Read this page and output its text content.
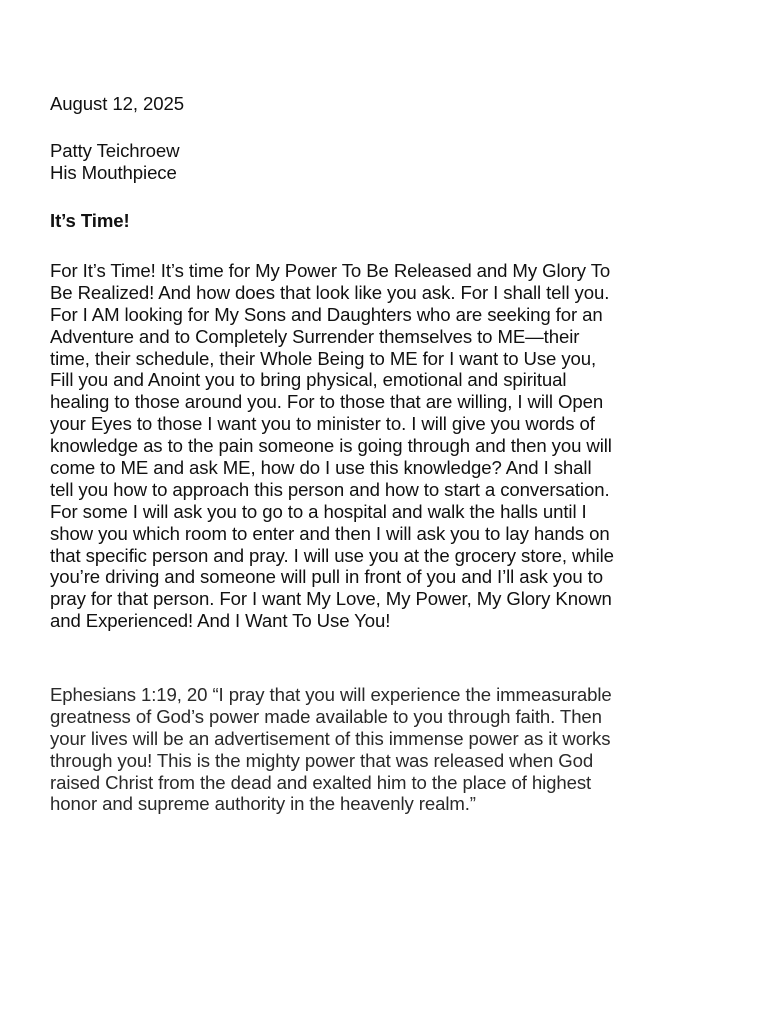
August 12, 2025
Patty Teichroew
His Mouthpiece
It’s Time!
For It’s Time! It’s time for My Power To Be Released and My Glory To
Be Realized! And how does that look like you ask. For I shall tell you.
For I AM looking for My Sons and Daughters who are seeking for an
Adventure and to Completely Surrender themselves to ME—their
time, their schedule, their Whole Being to ME for I want to Use you,
Fill you and Anoint you to bring physical, emotional and spiritual
healing to those around you. For to those that are willing, I will Open
your Eyes to those I want you to minister to. I will give you words of
knowledge as to the pain someone is going through and then you will
come to ME and ask ME, how do I use this knowledge? And I shall
tell you how to approach this person and how to start a conversation.
For some I will ask you to go to a hospital and walk the halls until I
show you which room to enter and then I will ask you to lay hands on
that specific person and pray. I will use you at the grocery store, while
you’re driving and someone will pull in front of you and I’ll ask you to
pray for that person. For I want My Love, My Power, My Glory Known
and Experienced! And I Want To Use You!
Ephesians 1:19, 20 “I pray that you will experience the immeasurable
greatness of God’s power made available to you through faith. Then
your lives will be an advertisement of this immense power as it works
through you! This is the mighty power that was released when God
raised Christ from the dead and exalted him to the place of highest
honor and supreme authority in the heavenly realm.”
